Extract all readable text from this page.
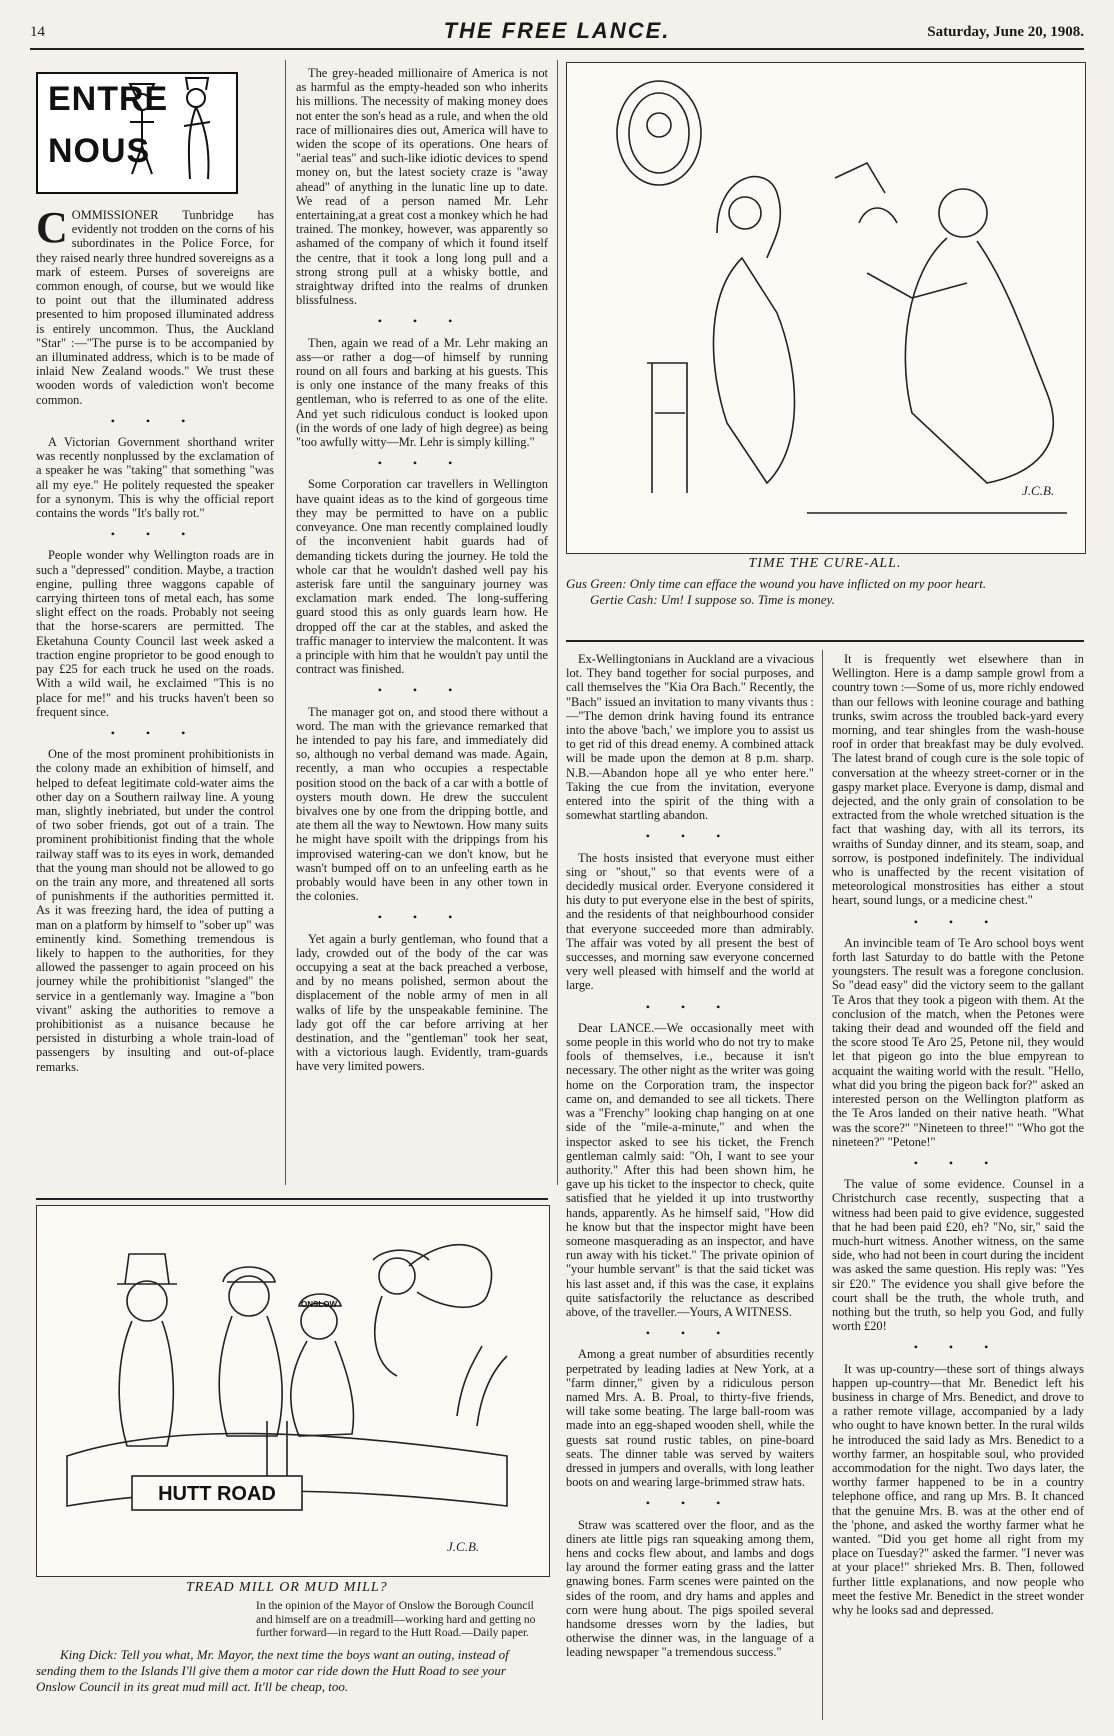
14	THE FREE LANCE.	Saturday, June 20, 1908.
ENTRE
NOUS

COMMISSIONER Tunbridge has evidently not trodden on the corns of his subordinates in the Police Force, for they raised nearly three hundred sovereigns as a mark of esteem. Purses of sovereigns are common enough, of course, but we would like to point out that the illuminated address presented to him proposed illuminated address is entirely uncommon. Thus, the Auckland "Star" :—"The purse is to be accompanied by an illuminated address, which is to be made of inlaid New Zealand woods." We trust these wooden words of valediction won't become common.

• • •

A Victorian Government shorthand writer was recently nonplussed by the exclamation of a speaker he was "taking" that something "was all my eye." He politely requested the speaker for a synonym. This is why the official report contains the words "It's bally rot."

• • •

People wonder why Wellington roads are in such a "depressed" condition. Maybe, a traction engine, pulling three waggons capable of carrying thirteen tons of metal each, has some slight effect on the roads. Probably not seeing that the horse-scarers are permitted. The Eketahuna County Council last week asked a traction engine proprietor to be good enough to pay £25 for each truck he used on the roads. With a wild wail, he exclaimed "This is no place for me!" and his trucks haven't been so frequent since.

• • •

One of the most prominent prohibitionists in the colony made an exhibition of himself, and helped to defeat legitimate cold-water aims the other day on a Southern railway line. A young man, slightly inebriated, but under the control of two sober friends, got out of a train. The prominent prohibitionist finding that the whole railway staff was to its eyes in work, demanded that the young man should not be allowed to go on the train any more, and threatened all sorts of punishments if the authorities permitted it. As it was freezing hard, the idea of putting a man on a platform by himself to "sober up" was eminently kind. Something tremendous is likely to happen to the authorities, for they allowed the passenger to again proceed on his journey while the prohibitionist "slanged" the service in a gentlemanly way. Imagine a "bon vivant" asking the authorities to remove a prohibitionist as a nuisance because he persisted in disturbing a whole train-load of passengers by insulting and out-of-place remarks.

The grey-headed millionaire of America is not as harmful as the empty-headed son who inherits his millions. The necessity of making money does not enter the son's head as a rule, and when the old race of millionaires dies out, America will have to widen the scope of its operations. One hears of "aerial teas" and such-like idiotic devices to spend money on, but the latest society craze is "away ahead" of anything in the lunatic line up to date. We read of a person named Mr. Lehr entertaining,at a great cost a monkey which he had trained. The monkey, however, was apparently so ashamed of the company of which it found itself the centre, that it took a long long pull and a strong strong pull at a whisky bottle, and straightway drifted into the realms of drunken blissfulness.

• • •

Then, again we read of a Mr. Lehr making an ass—or rather a dog—of himself by running round on all fours and barking at his guests. This is only one instance of the many freaks of this gentleman, who is referred to as one of the elite. And yet such ridiculous conduct is looked upon (in the words of one lady of high degree) as being "too awfully witty—Mr. Lehr is simply killing."

• • •

Some Corporation car travellers in Wellington have quaint ideas as to the kind of gorgeous time they may be permitted to have on a public conveyance. One man recently complained loudly of the inconvenient habit guards had of demanding tickets during the journey. He told the whole car that he wouldn't dashed well pay his asterisk fare until the sanguinary journey was exclamation mark ended. The long-suffering guard stood this as only guards learn how. He dropped off the car at the stables, and asked the traffic manager to interview the malcontent. It was a principle with him that he wouldn't pay until the contract was finished.

• • •

The manager got on, and stood there without a word. The man with the grievance remarked that he intended to pay his fare, and immediately did so, although no verbal demand was made. Again, recently, a man who occupies a respectable position stood on the back of a car with a bottle of oysters mouth down. He drew the succulent bivalves one by one from the dripping bottle, and ate them all the way to Newtown. How many suits he might have spoilt with the drippings from his improvised watering-can we don't know, but he wasn't bumped off on to an unfeeling earth as he probably would have been in any other town in the colonies.

• • •

Yet again a burly gentleman, who found that a lady, crowded out of the body of the car was occupying a seat at the back preached a verbose, and by no means polished, sermon about the displacement of the noble army of men in all walks of life by the unspeakable feminine. The lady got off the car before arriving at her destination, and the "gentleman" took her seat, with a victorious laugh. Evidently, tram-guards have very limited powers.

J.C.B.
TIME THE CURE-ALL.

Gus Green: Only time can efface the wound you have inflicted on my poor heart.

Gertie Cash: Um! I suppose so. Time is money.

Ex-Wellingtonians in Auckland are a vivacious lot. They band together for social purposes, and call themselves the "Kia Ora Bach." Recently, the "Bach" issued an invitation to many vivants thus :—"The demon drink having found its entrance into the above 'bach,' we implore you to assist us to get rid of this dread enemy. A combined attack will be made upon the demon at 8 p.m. sharp. N.B.—Abandon hope all ye who enter here." Taking the cue from the invitation, everyone entered into the spirit of the thing with a somewhat startling abandon.

• • •

The hosts insisted that everyone must either sing or "shout," so that events were of a decidedly musical order. Everyone considered it his duty to put everyone else in the best of spirits, and the residents of that neighbourhood consider that everyone succeeded more than admirably. The affair was voted by all present the best of successes, and morning saw everyone concerned very well pleased with himself and the world at large.

• • •

Dear LANCE.—We occasionally meet with some people in this world who do not try to make fools of themselves, i.e., because it isn't necessary. The other night as the writer was going home on the Corporation tram, the inspector came on, and demanded to see all tickets. There was a "Frenchy" looking chap hanging on at one side of the "mile-a-minute," and when the inspector asked to see his ticket, the French gentleman calmly said: "Oh, I want to see your authority." After this had been shown him, he gave up his ticket to the inspector to check, quite satisfied that he yielded it up into trustworthy hands, apparently. As he himself said, "How did he know but that the inspector might have been someone masquerading as an inspector, and have run away with his ticket." The private opinion of "your humble servant" is that the said ticket was his last asset and, if this was the case, it explains quite satisfactorily the reluctance as described above, of the traveller.—Yours, A WITNESS.

• • •

Among a great number of absurdities recently perpetrated by leading ladies at New York, at a "farm dinner," given by a ridiculous person named Mrs. A. B. Proal, to thirty-five friends, will take some beating. The large ball-room was made into an egg-shaped wooden shell, while the guests sat round rustic tables, on pine-board seats. The dinner table was served by waiters dressed in jumpers and overalls, with long leather boots on and wearing large-brimmed straw hats.

• • •

Straw was scattered over the floor, and as the diners ate little pigs ran squeaking among them, hens and cocks flew about, and lambs and dogs lay around the former eating grass and the latter gnawing bones. Farm scenes were painted on the sides of the room, and dry hams and apples and corn were hung about. The pigs spoiled several handsome dresses worn by the ladies, but otherwise the dinner was, in the language of a leading newspaper "a tremendous success."

It is frequently wet elsewhere than in Wellington. Here is a damp sample growl from a country town :—Some of us, more richly endowed than our fellows with leonine courage and bathing trunks, swim across the troubled back-yard every morning, and tear shingles from the wash-house roof in order that breakfast may be duly evolved. The latest brand of cough cure is the sole topic of conversation at the wheezy street-corner or in the gaspy market place. Everyone is damp, dismal and dejected, and the only grain of consolation to be extracted from the whole wretched situation is the fact that washing day, with all its terrors, its wraiths of Sunday dinner, and its steam, soap, and sorrow, is postponed indefinitely. The individual who is unaffected by the recent visitation of meteorological monstrosities has either a stout heart, sound lungs, or a medicine chest."

• • •

An invincible team of Te Aro school boys went forth last Saturday to do battle with the Petone youngsters. The result was a foregone conclusion. So "dead easy" did the victory seem to the gallant Te Aros that they took a pigeon with them. At the conclusion of the match, when the Petones were taking their dead and wounded off the field and the score stood Te Aro 25, Petone nil, they would let that pigeon go into the blue empyrean to acquaint the waiting world with the result. "Hello, what did you bring the pigeon back for?" asked an interested person on the Wellington platform as the Te Aros landed on their native heath. "What was the score?" "Nineteen to three!" "Who got the nineteen?" "Petone!"

• • •

The value of some evidence. Counsel in a Christchurch case recently, suspecting that a witness had been paid to give evidence, suggested that he had been paid £20, eh? "No, sir," said the much-hurt witness. Another witness, on the same side, who had not been in court during the incident was asked the same question. His reply was: "Yes sir £20." The evidence you shall give before the court shall be the truth, the whole truth, and nothing but the truth, so help you God, and fully worth £20!

• • •

It was up-country—these sort of things always happen up-country—that Mr. Benedict left his business in charge of Mrs. Benedict, and drove to a rather remote village, accompanied by a lady who ought to have known better. In the rural wilds he introduced the said lady as Mrs. Benedict to a worthy farmer, an hospitable soul, who provided accommodation for the night. Two days later, the worthy farmer happened to be in a country telephone office, and rang up Mrs. B. It chanced that the genuine Mrs. B. was at the other end of the 'phone, and asked the worthy farmer what he wanted. "Did you get home all right from my place on Tuesday?" asked the farmer. "I never was at your place!" shrieked Mrs. B. Then, followed further little explanations, and now people who meet the festive Mr. Benedict in the street wonder why he looks sad and depressed.

HUTT ROAD
ONSLOW
J.C.B.
TREAD MILL OR MUD MILL?

In the opinion of the Mayor of Onslow the Borough Council and himself are on a treadmill—working hard and getting no further forward—in regard to the Hutt Road.—Daily paper.

King Dick: Tell you what, Mr. Mayor, the next time the boys want an outing, instead of sending them to the Islands I'll give them a motor car ride down the Hutt Road to see your Onslow Council in its great mud mill act. It'll be cheap, too.
